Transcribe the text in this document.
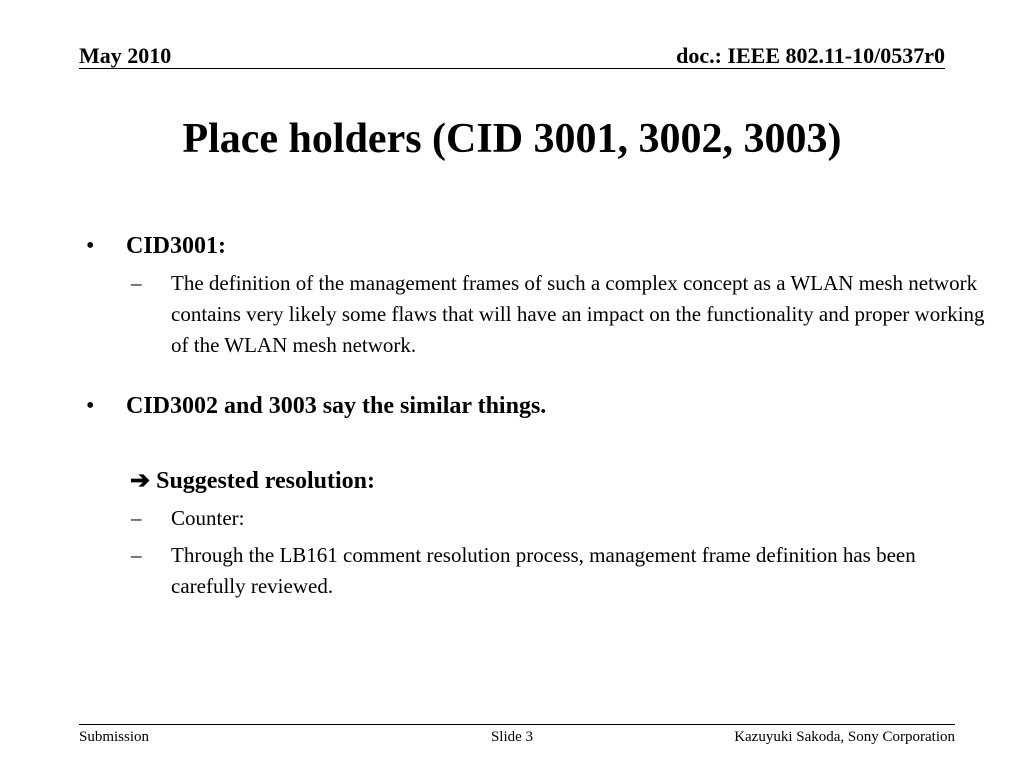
May 2010	doc.: IEEE 802.11-10/0537r0
Place holders (CID 3001, 3002, 3003)
• CID3001:
– The definition of the management frames of such a complex concept as a WLAN mesh network contains very likely some flaws that will have an impact on the functionality and proper working of the WLAN mesh network.
• CID3002 and 3003 say the similar things.
➔ Suggested resolution:
– Counter:
– Through the LB161 comment resolution process, management frame definition has been carefully reviewed.
Submission	Slide 3	Kazuyuki Sakoda, Sony Corporation
